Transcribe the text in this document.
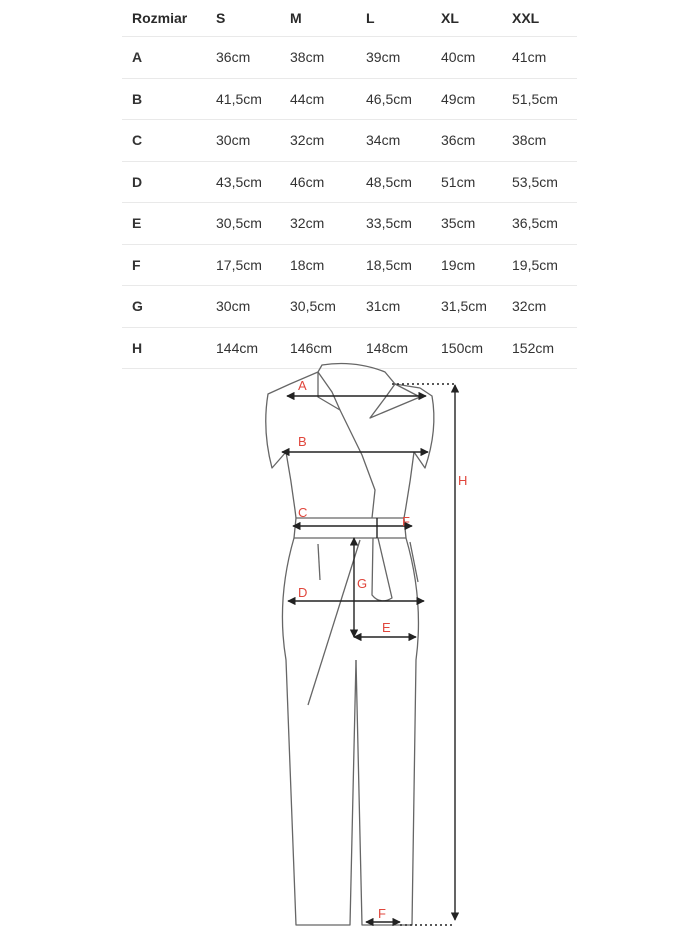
Rozmiar S	M	L	XL	XXL
A	36cm	38cm	39cm	40cm	41cm
B	41,5cm 44cm	46,5cm 49cm	51,5cm
C	30cm	32cm	34cm	36cm	38cm
D	43,5cm 46cm	48,5cm 51cm	53,5cm
E	30,5cm 32cm	33,5cm 35cm	36,5cm
F	17,5cm 18cm	18,5cm 19cm	19,5cm
G	30cm	30,5cm 31cm	31,5cm 32cm
H	144cm 146cm 148cm 150cm 152cm
A
B
C
F
G
D
E
H
F
